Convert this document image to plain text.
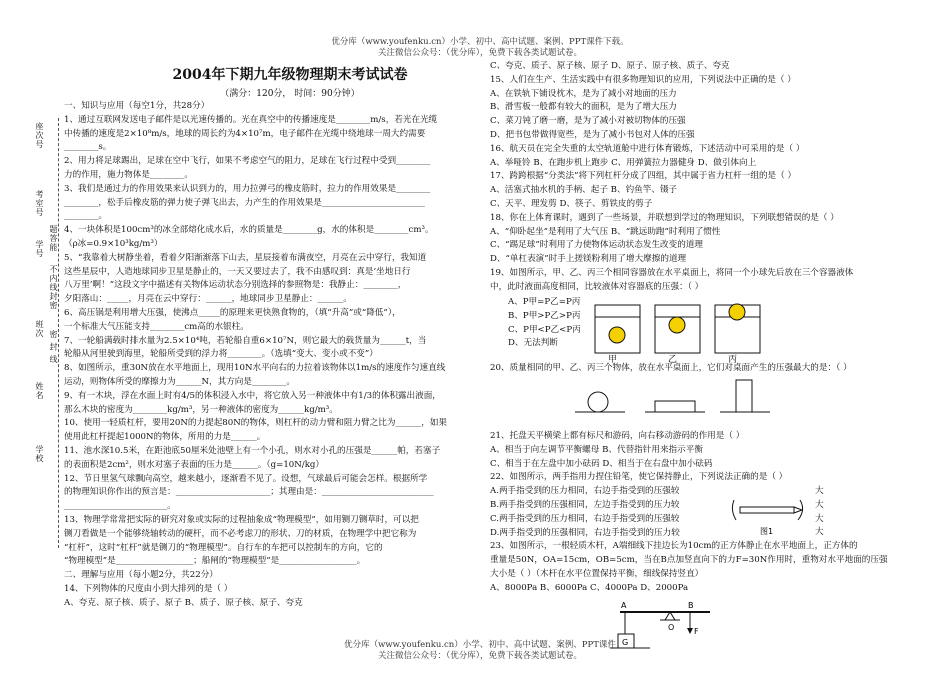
优分库（www.youfenku.cn）小学、初中、高中试题、案例、PPT课件下载。
关注微信公众号：（优分库），免费下载各类试题试卷。
座次号
考室号
学号 题答能
不内线封密
班次
姓名
学校
密 封 线
2004年下期九年级物理期末考试试卷
（满分：120分， 时间：90分钟）

一、知识与应用（每空1分，共28分）

1、通过互联网发送电子邮件是以光速传播的。光在真空中的传播速度是________m/s，若光在光缆

中传播的速度是2×10⁸m/s，地球的周长约为4×10⁷m，电子邮件在光缆中绕地球一周大约需要

________s。

2、用力将足球踢出，足球在空中飞行，如果不考虑空气的阻力，足球在飞行过程中受到________

力的作用，施力物体是________。

3、我们是通过力的作用效果来认识到力的，用力拉弹弓的橡皮筋时，拉力的作用效果是________

________，松手后橡皮筋的弹力使子弹飞出去，力产生的作用效果是________________________

________。

4、一块体积是100cm³的冰全部熔化成水后，水的质量是________g，水的体积是________cm³。

（ρ冰=0.9×10³kg/m³）

5、“我靠着大树静坐着，看着夕阳渐渐落下山去，星辰接着布满夜空，月亮在云中穿行，我知道

这些星辰中，人造地球同步卫星是静止的，一天又要过去了，我不由感叹到：真是‘坐地日行

八万里’啊！”这段文字中描述有关物体运动状态分别选择的参照物是：我静止：________，

夕阳落山：_____，月亮在云中穿行：______，地球同步卫星静止：______。

6、高压锅是利用增大压强，使沸点_____的原理来更快熟食物的，（填“升高”或“降低”），

一个标准大气压能支持________cm高的水银柱。

7、一轮船满载时排水量为2.5×10⁴吨，若轮船自重6×10⁷N，则它最大的载货量为______t，当

轮船从河里驶到海里，轮船所受到的浮力将________。（选填“变大、变小或不变”）

8、如图所示，重30N放在水平地面上，现用10N水平向右的力拉着该物体以1m/s的速度作匀速直线

运动，则物体所受的摩擦力为______N，其方向是________。

9、有一木块，浮在水面上时有4/5的体积浸入水中，将它放入另一种液体中有1/3的体积露出液面，

那么木块的密度为________kg/m³，另一种液体的密度为______kg/m³。

10、使用一轻质杠杆，要用20N的力提起80N的物体，则杠杆的动力臂和阻力臂之比为______，如果

使用此杠杆提起1000N的物体，所用的力是______。

11、池水深10.5米，在距池底50厘米处池壁上有一个小孔，则水对小孔的压强是______帕，若塞子

的表面积是2cm²，则水对塞子表面的压力是______。（g=10N/kg）

12、节日里氢气球飘向高空，越来越小，逐渐看不见了。设想，气球最后可能会怎样。根据所学

的物理知识你作出的预言是：______________________；其理由是：__________________________

________________________。

13、物理学常常把实际的研究对象或实际的过程抽象成“物理模型”，如用铡刀铡草时，可以把

铡刀看做是一个能够绕轴转动的硬杆，而不必考虑刀的形状、刀的材质，在物理学中把它称为

“杠杆”，这时“杠杆”就是铡刀的“物理模型”。自行车的车把可以控制车的方向，它的

“物理模型”是__________________；船闸的“物理模型”是__________________。

二、理解与应用（每小题2分，共22分）

14、下列物体的尺度由小到大排列的是（ ）

A、夸克、原子核、质子、原子 B、质子、原子核、原子、夸克

C、夸克、质子、原子核、原子 D、原子、原子核、质子、夸克

15、人们在生产、生活实践中有很多物理知识的应用，下列说法中正确的是（ ）

A、在铁轨下铺设枕木，是为了减小对地面的压力

B、滑雪板一般都有较大的面积，是为了增大压力

C、菜刀钝了磨一磨，是为了减小对被切物体的压强

D、把书包带做得宽些，是为了减小书包对人体的压强

16、航天员在完全失重的太空轨道舱中进行体育锻炼，下述活动中可采用的是（ ）

A、举哑铃 B、在跑步机上跑步 C、用弹簧拉力器健身 D、做引体向上

17、跨跨根据“分类法”将下列杠杆分成了四组，其中属于省力杠杆一组的是（ ）

A、活塞式抽水机的手柄、起子 B、钓鱼竿、镊子

C、天平、理发剪 D、筷子、剪铁皮的剪子

18、你在上体育课时，遇到了一些场景，并联想到学过的物理知识，下列联想错误的是（ ）

A、“仰卧起坐”是利用了大气压 B、“跳远助跑”时利用了惯性

C、“踢足球”时利用了力使物体运动状态发生改变的道理

D、“单杠表演”时手上搓镁粉利用了增大摩擦的道理

19、如图所示，甲、乙、丙三个相同容器放在水平桌面上，将同一个小球先后放在三个容器液体

中，此时液面高度相同，比较液体对容器底的压强：（ ）

A、P甲=P乙=P丙

B、P甲>P乙>P丙

C、P甲<P乙<P丙

D、无法判断

甲	乙	丙

20、质量相同的甲、乙、丙三个物体，放在水平桌面上，它们对桌面产生的压强最大的是：（ ）

21、托盘天平横梁上都有标尺和游码，向右移动游码的作用是（ ）

A、相当于向左调节平衡螺母 B、代替指针用来指示平衡

C、相当于在左盘中加小砝码 D、相当于在右盘中加小砝码

22、如图所示，两手指用力捏住铅笔，使它保持静止，下列说法正确的是（ ）

A.两手指受到的压力相同，右边手指受到的压强较

B.两手指受到的压强相同，左边手指受到的压力较

C.两手指受到的压力相同，右边手指受到的压强较

D.两手指受到的压强相同，右边手指受到的压力较

23、如图所示，一根轻质木杆，A端细线下挂边长为10cm的正方体静止在水平地面上，正方体的

重量是50N，OA=15cm，OB=5cm，当在B点加竖直向下的力F=30N作用时，重物对水平地面的压强

大小是（ ）（木杆在水平位置保持平衡，细线保持竖直）

A、8000Pa B、6000Pa C、4000Pa D、2000Pa

大

大

大

大

图1
A
O
B
F
G
优分库（www.youfenku.cn）小学、初中、高中试题、案例、PPT课件
关注微信公众号：（优分库），免费下载各类试题试卷。
